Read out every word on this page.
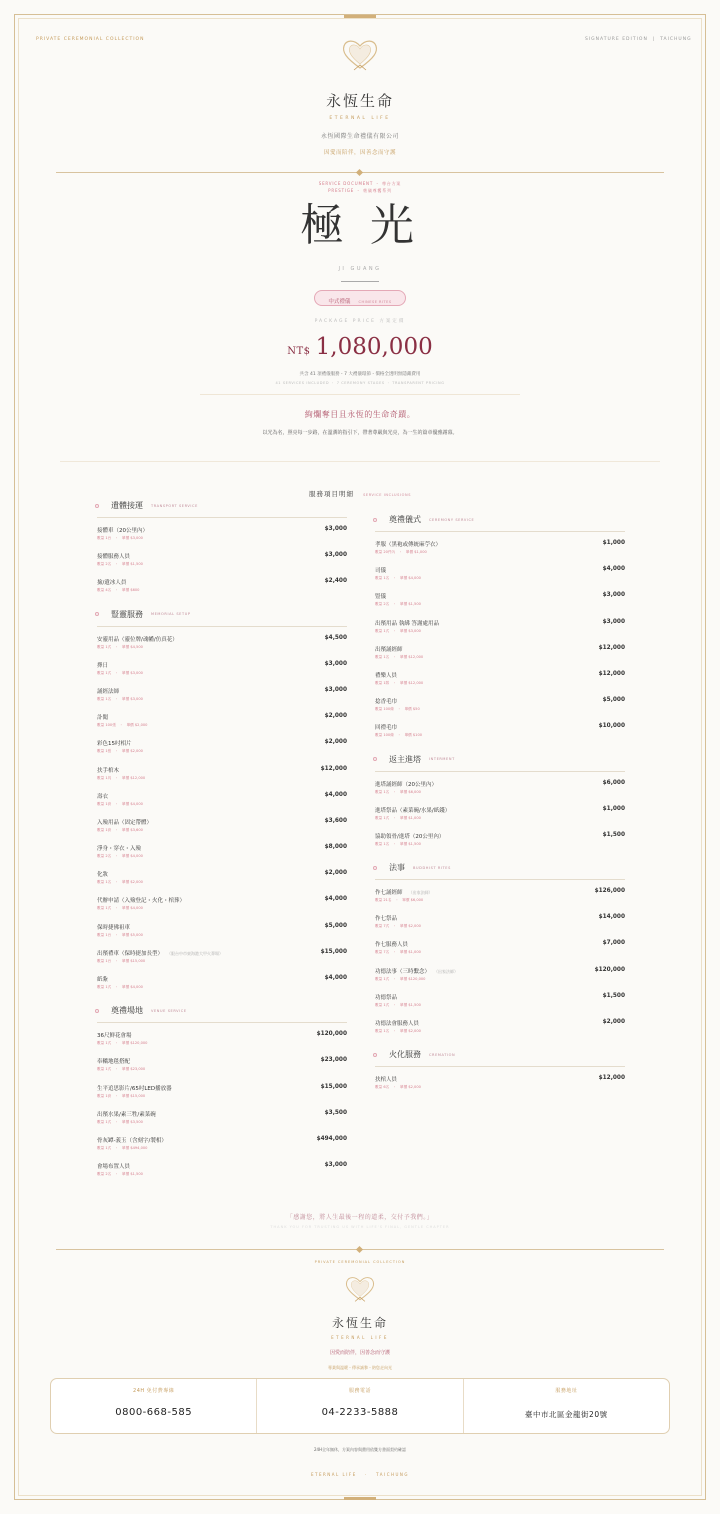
PRIVATE CEREMONIAL COLLECTION	SIGNATURE EDITION  |  TAICHUNG
永恆生命
ETERNAL LIFE
永恆國際生命禮儀有限公司
因愛而陪伴，因善念而守護
SERVICE DOCUMENT ・ 尊台方案
PRESTIGE ・ 奠儀尊饗系列
極 光
JI GUANG
中式禮儀 CHINESE RITES
PACKAGE PRICE 方案定價
NT$ 1,080,000
共含 41 項禮儀服務・7 大禮儀環節・價格全透明無隱藏費用
41 SERVICES INCLUDED ・ 7 CEREMONY STAGES ・ TRANSPARENT PRICING
絢爛奪目且永恆的生命奇蹟。
以光為名，照亮每一步路，在溫潤的指引下，帶著尊嚴與光亮，為一生的篇章優雅謝幕。
服務項目明細	SERVICE INCLUSIONS
遺體接運 TRANSPORT SERVICE
接體車（20公里內）	$3,000
數量 1台　・　單價 $3,000
接體服務人員	$3,000
數量 2名　・　單價 $1,500
撿/遺冰人員	$2,400
數量 4名　・　單價 $600
豎靈服務 MEMORIAL SETUP
安靈用品（靈位牌/魂幡/仿真花）	$4,500
數量 1式　・　單價 $4,500
擇日	$3,000
數量 1式　・　單價 $3,000
誦經法師	$3,000
數量 1名　・　單價 $3,000
訃聞	$2,000
數量 100張　・　單價 $2,000
彩色15吋相片	$2,000
數量 1張　・　單價 $2,000
扶手棺木	$12,000
數量 1具　・　單價 $12,000
壽衣	$4,000
數量 1套　・　單價 $4,000
入殮用品（固定帶體）	$3,600
數量 1套　・　單價 $3,600
淨身・穿衣・入殮	$8,000
數量 2名　・　單價 $4,000
化妝	$2,000
數量 1名　・　單價 $2,000
代辦申請（入殮登記・火化・棺葬）	$4,000
數量 1式　・　單價 $4,000
保時捷佛祖車	$5,000
數量 1台　・　單價 $5,000
出殯禮車（保時捷加長型） （限台中市東海港大甲火葬場）	$15,000
數量 1台　・　單價 $15,000
紙紮	$4,000
數量 1式　・　單價 $4,000
奠禮場地 VENUE SERVICE
36尺鮮花會場	$120,000
數量 1式　・　單價 $120,000
奉轎地毯搭配	$23,000
數量 1式　・　單價 $23,000
生平追思影片/65吋LED播放器	$15,000
數量 1套　・　單價 $15,000
出殯水果/素三牲/素菜碗	$3,500
數量 1式　・　單價 $3,500
骨灰罈-義玉（含刻字/製相）	$494,000
數量 1式　・　單價 $494,000
會場布置人員	$3,000
數量 2名　・　單價 $1,500
奠禮儀式 CEREMONY SERVICE
孝服（黑袍或傳統麻苧衣）	$1,000
數量 20件內　・　單價 $1,000
司儀	$4,000
數量 1名　・　單價 $4,000
豎儀	$3,000
數量 2名　・　單價 $1,500
出殯用品 執紼 答謝處用品	$3,000
數量 1式　・　單價 $3,000
出殯誦經師	$12,000
數量 1名　・　單價 $12,000
禮樂人員	$12,000
數量 1隊　・　單價 $12,000
捻香毛巾	$5,000
數量 100條　・　單價 $50
回禮毛巾	$10,000
數量 100條　・　單價 $100
返主進塔 INTERMENT
進塔誦經師（20公里內）	$6,000
數量 1名　・　單價 $6,000
進塔祭品（素菜碗/水果/紙錢）	$1,000
數量 1式　・　單價 $1,000
協助領骨/進塔（20公里內）	$1,500
數量 1名　・　單價 $1,500
法事 BUDDHIST RITES
作七誦經師 （出家法師）	$126,000
數量 21名　・　單價 $6,000
作七祭品	$14,000
數量 7式　・　單價 $2,000
作七服務人員	$7,000
數量 7名　・　單價 $1,000
功德法事（三時繫念） （出家法師）	$120,000
數量 1式　・　單價 $120,000
功德祭品	$1,500
數量 1式　・　單價 $1,500
功德法會服務人員	$2,000
數量 1名　・　單價 $2,000
火化服務 CREMATION
扶棺人員	$12,000
數量 6名　・　單價 $2,000
「感謝您，將人生最後一程的道柔，交付予我們。」
THANK YOU FOR TRUSTING US WITH LIFE'S FINAL, GENTLE CHAPTER
PRIVATE CEREMONIAL COLLECTION
永恆生命
ETERNAL LIFE
因愛而陪伴，因善念而守護
專業與溫暖・傳承誠摯・陪您走向光
24H 免付費專線
0800-668-585
服務電話
04-2233-5888
服務地址
臺中市北區金龍街20號
24H全年無休，方案內容與費用依雙方書面契約確認
ETERNAL LIFE   ·   TAICHUNG
